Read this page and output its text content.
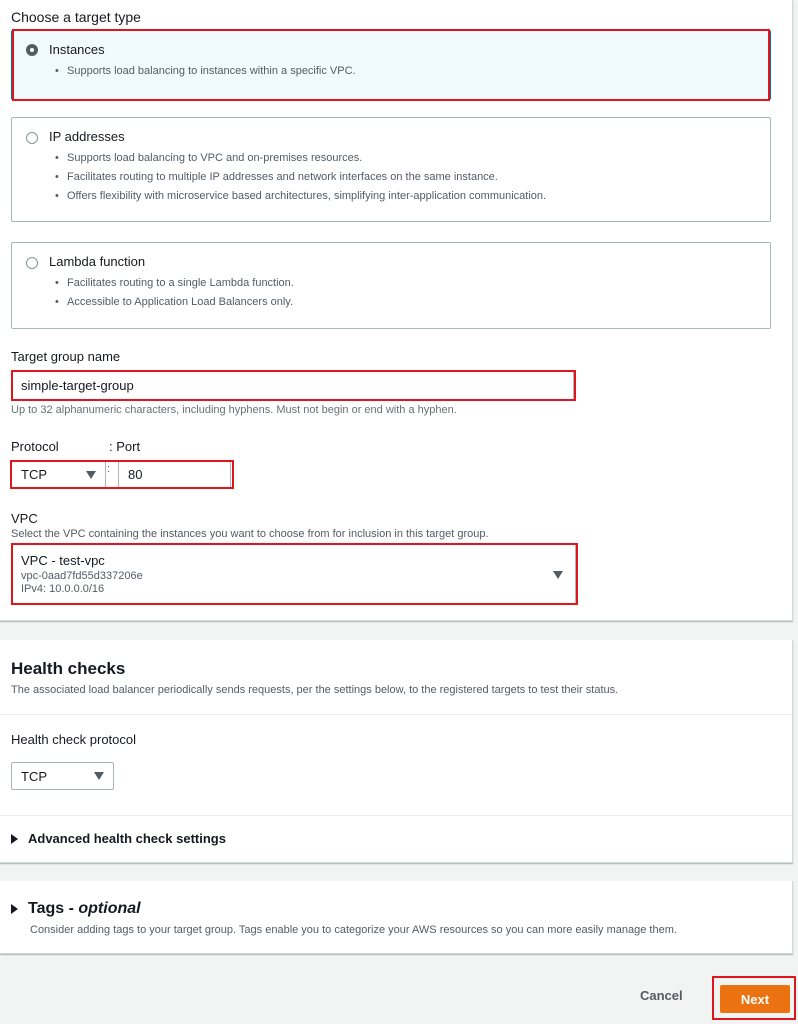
Choose a target type
Instances
• Supports load balancing to instances within a specific VPC.
IP addresses
• Supports load balancing to VPC and on-premises resources.
• Facilitates routing to multiple IP addresses and network interfaces on the same instance.
• Offers flexibility with microservice based architectures, simplifying inter-application communication.
Lambda function
• Facilitates routing to a single Lambda function.
• Accessible to Application Load Balancers only.
Target group name
simple-target-group
Up to 32 alphanumeric characters, including hyphens. Must not begin or end with a hyphen.
Protocol	: Port
TCP	: 80
VPC
Select the VPC containing the instances you want to choose from for inclusion in this target group.
VPC - test-vpc
vpc-0aad7fd55d337206e
IPv4: 10.0.0.0/16
Health checks
The associated load balancer periodically sends requests, per the settings below, to the registered targets to test their status.
Health check protocol
TCP
Advanced health check settings
Tags - optional
Consider adding tags to your target group. Tags enable you to categorize your AWS resources so you can more easily manage them.
Cancel	Next
